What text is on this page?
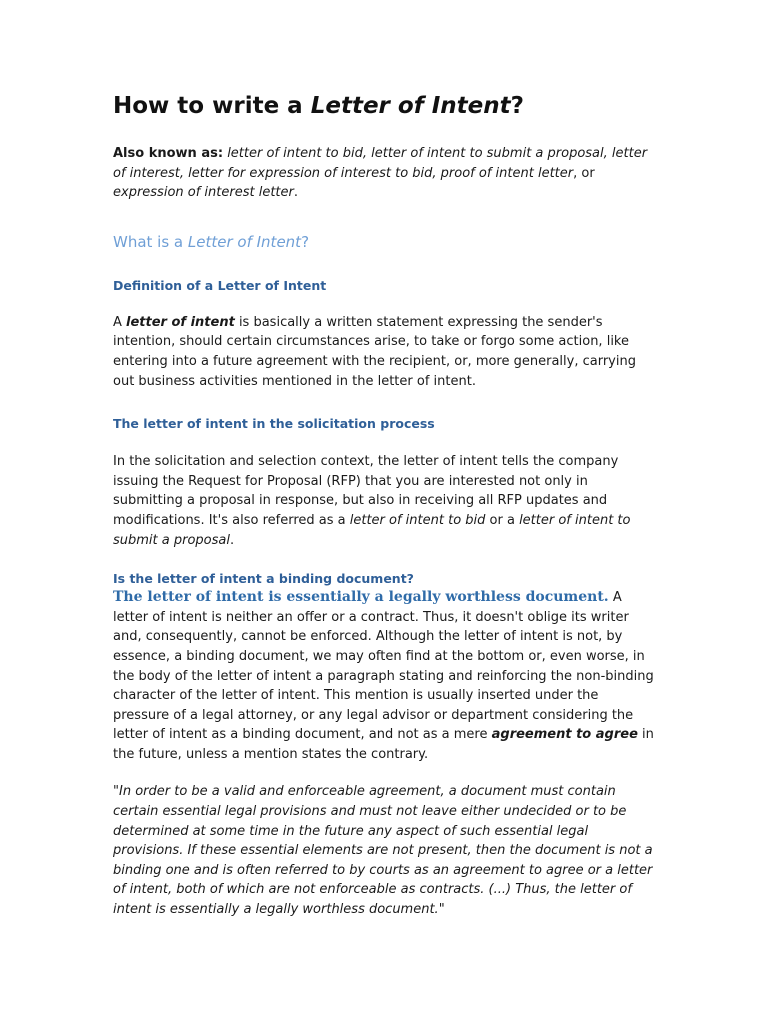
How to write a Letter of Intent?

Also known as: letter of intent to bid, letter of intent to submit a proposal, letter of interest, letter for expression of interest to bid, proof of intent letter, or expression of interest letter.

What is a Letter of Intent?
Definition of a Letter of Intent

A letter of intent is basically a written statement expressing the sender's intention, should certain circumstances arise, to take or forgo some action, like entering into a future agreement with the recipient, or, more generally, carrying out business activities mentioned in the letter of intent.

The letter of intent in the solicitation process

In the solicitation and selection context, the letter of intent tells the company issuing the Request for Proposal (RFP) that you are interested not only in submitting a proposal in response, but also in receiving all RFP updates and modifications. It's also referred as a letter of intent to bid or a letter of intent to submit a proposal.

Is the letter of intent a binding document?

The letter of intent is essentially a legally worthless document. A letter of intent is neither an offer or a contract. Thus, it doesn't oblige its writer and, consequently, cannot be enforced. Although the letter of intent is not, by essence, a binding document, we may often find at the bottom or, even worse, in the body of the letter of intent a paragraph stating and reinforcing the non-binding character of the letter of intent. This mention is usually inserted under the pressure of a legal attorney, or any legal advisor or department considering the letter of intent as a binding document, and not as a mere agreement to agree in the future, unless a mention states the contrary.

"In order to be a valid and enforceable agreement, a document must contain certain essential legal provisions and must not leave either undecided or to be determined at some time in the future any aspect of such essential legal provisions. If these essential elements are not present, then the document is not a binding one and is often referred to by courts as an agreement to agree or a letter of intent, both of which are not enforceable as contracts. (...) Thus, the letter of intent is essentially a legally worthless document."
